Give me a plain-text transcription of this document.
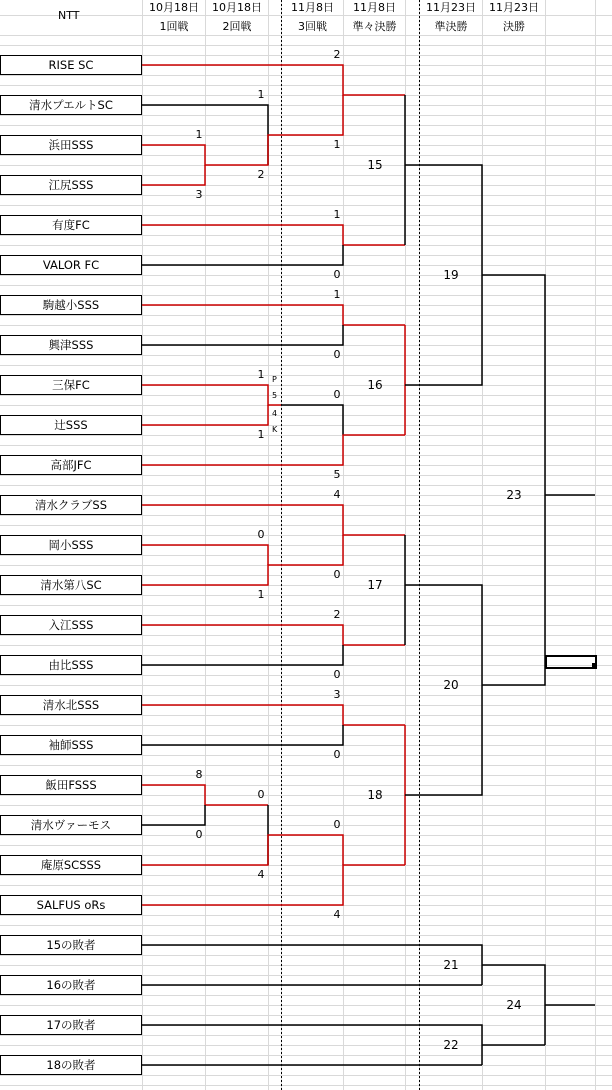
NTT
10月18日
1回戦
10月18日
2回戦
11月8日
3回戦
11月8日
準々決勝
11月23日
準決勝
11月23日
決勝
RISE SC
清水プエルトSC
浜田SSS
江尻SSS
有度FC
VALOR FC
駒越小SSS
興津SSS
三保FC
辻SSS
高部JFC
清水クラブSS
岡小SSS
清水第八SC
入江SSS
由比SSS
清水北SSS
袖師SSS
飯田FSSS
清水ヴァーモス
庵原SCSSS
SALFUS oRs
15の敗者
16の敗者
17の敗者
18の敗者
1
3
8
0
1
2
1
1
0
1
0
4
2
1
1
0
1
0
0
5
4
0
2
0
3
0
0
4
P
5
4
K
15
16
17
18
19
20
23
21
22
24
